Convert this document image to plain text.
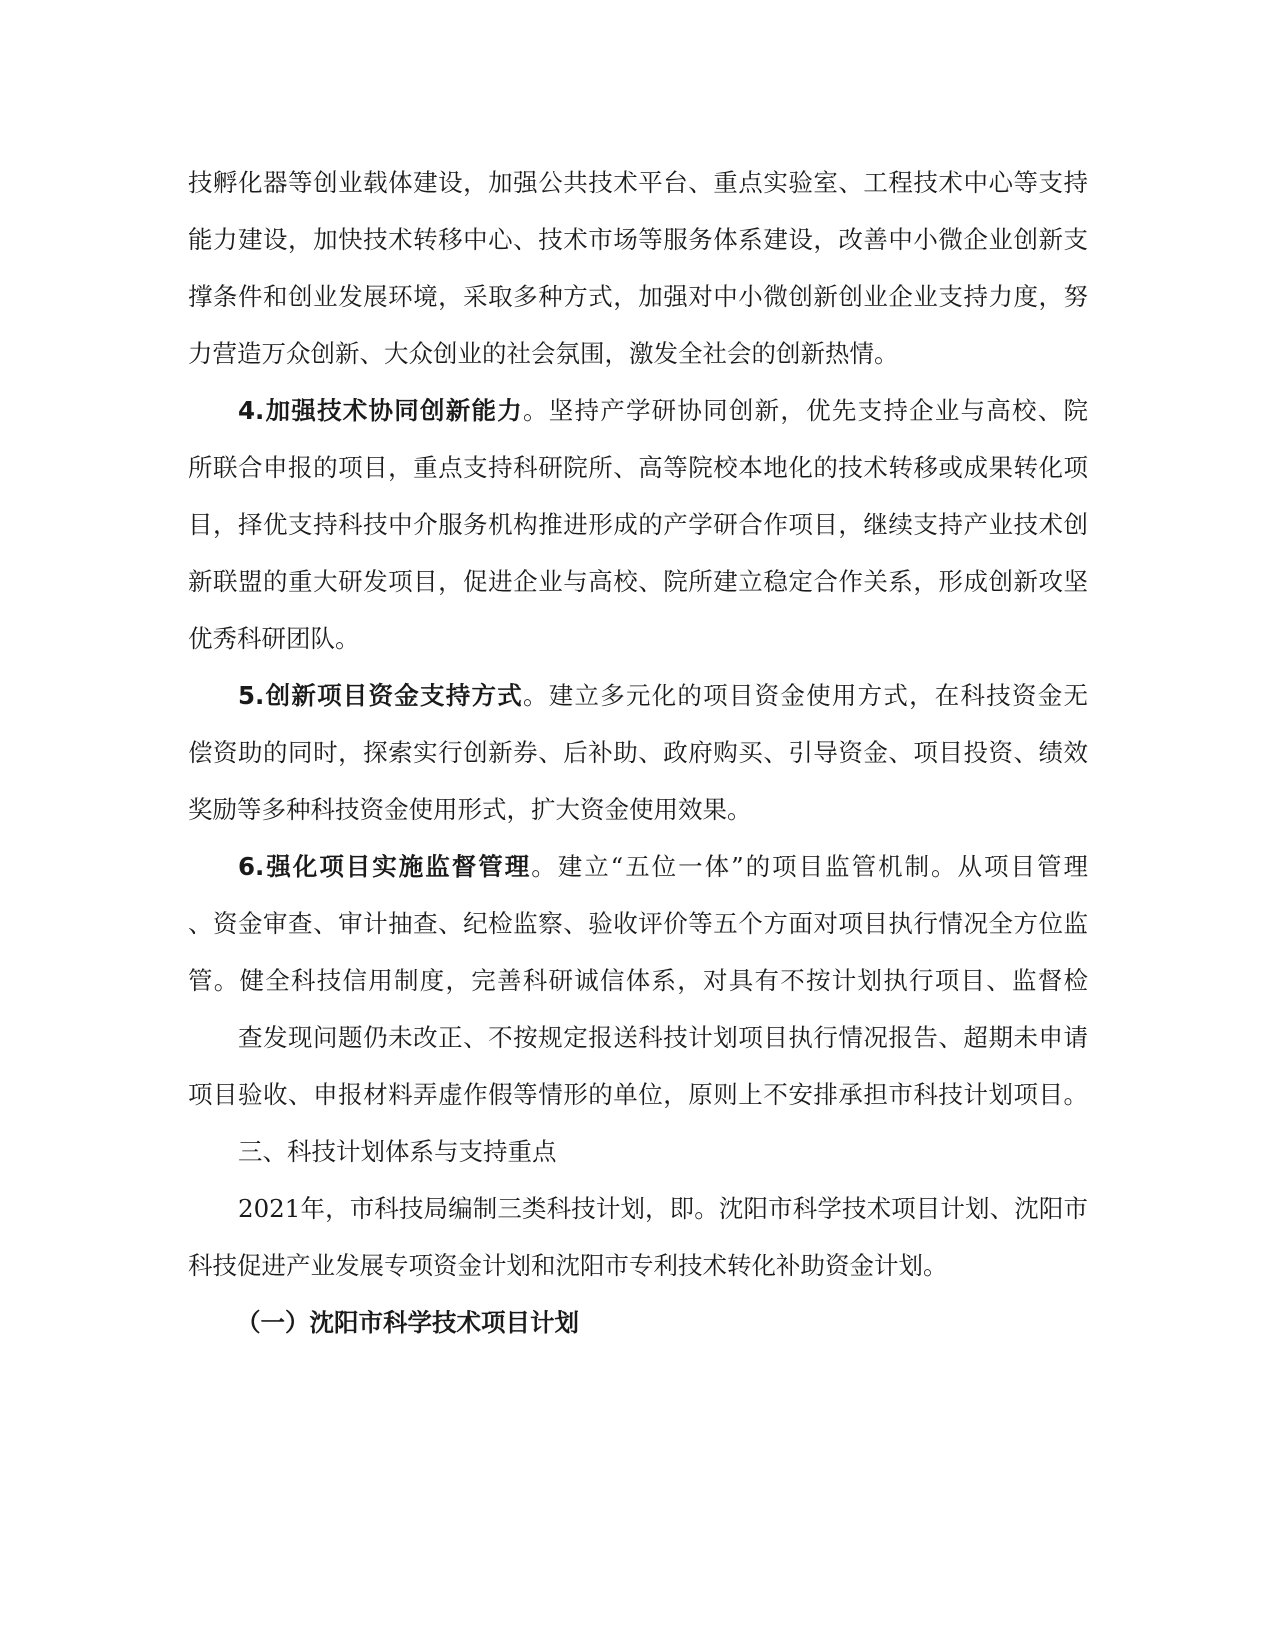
技孵化器等创业载体建设，加强公共技术平台、重点实验室、工程技术中心等支持
能力建设，加快技术转移中心、技术市场等服务体系建设，改善中小微企业创新支
撑条件和创业发展环境，采取多种方式，加强对中小微创新创业企业支持力度，努
力营造万众创新、大众创业的社会氛围，激发全社会的创新热情。
4.加强技术协同创新能力。坚持产学研协同创新，优先支持企业与高校、院
所联合申报的项目，重点支持科研院所、高等院校本地化的技术转移或成果转化项
目，择优支持科技中介服务机构推进形成的产学研合作项目，继续支持产业技术创
新联盟的重大研发项目，促进企业与高校、院所建立稳定合作关系，形成创新攻坚
优秀科研团队。
5.创新项目资金支持方式。建立多元化的项目资金使用方式，在科技资金无
偿资助的同时，探索实行创新券、后补助、政府购买、引导资金、项目投资、绩效
奖励等多种科技资金使用形式，扩大资金使用效果。
6.强化项目实施监督管理。建立“五位一体”的项目监管机制。从项目管理
、资金审查、审计抽查、纪检监察、验收评价等五个方面对项目执行情况全方位监
管。健全科技信用制度，完善科研诚信体系，对具有不按计划执行项目、监督检
查发现问题仍未改正、不按规定报送科技计划项目执行情况报告、超期未申请
项目验收、申报材料弄虚作假等情形的单位，原则上不安排承担市科技计划项目。
三、科技计划体系与支持重点
2021年，市科技局编制三类科技计划，即。沈阳市科学技术项目计划、沈阳市
科技促进产业发展专项资金计划和沈阳市专利技术转化补助资金计划。
（一）沈阳市科学技术项目计划
